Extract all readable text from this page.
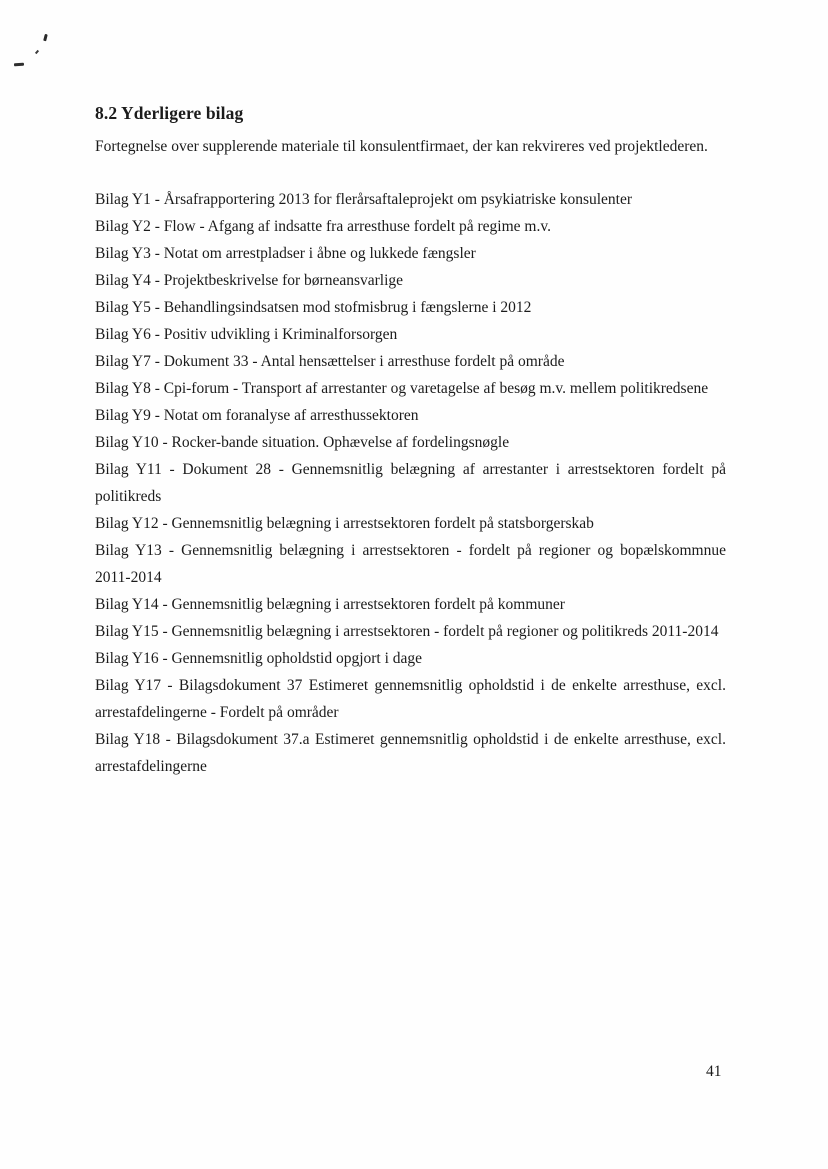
8.2 Yderligere bilag

Fortegnelse over supplerende materiale til konsulentfirmaet, der kan rekvireres ved projektlederen.

Bilag Y1 - Årsafrapportering 2013 for flerårsaftaleprojekt om psykiatriske konsulenter

Bilag Y2 - Flow - Afgang af indsatte fra arresthuse fordelt på regime m.v.

Bilag Y3 - Notat om arrestpladser i åbne og lukkede fængsler

Bilag Y4 - Projektbeskrivelse for børneansvarlige

Bilag Y5 - Behandlingsindsatsen mod stofmisbrug i fængslerne i 2012

Bilag Y6 - Positiv udvikling i Kriminalforsorgen

Bilag Y7 - Dokument 33 - Antal hensættelser i arresthuse fordelt på område

Bilag Y8 - Cpi-forum - Transport af arrestanter og varetagelse af besøg m.v. mellem politikredsene

Bilag Y9 - Notat om foranalyse af arresthussektoren

Bilag Y10 - Rocker-bande situation. Ophævelse af fordelingsnøgle

Bilag Y11 - Dokument 28 - Gennemsnitlig belægning af arrestanter i arrestsektoren fordelt på politikreds

Bilag Y12 - Gennemsnitlig belægning i arrestsektoren fordelt på statsborgerskab

Bilag Y13 - Gennemsnitlig belægning i arrestsektoren - fordelt på regioner og bopælskommnue 2011-2014

Bilag Y14 - Gennemsnitlig belægning i arrestsektoren fordelt på kommuner

Bilag Y15 - Gennemsnitlig belægning i arrestsektoren - fordelt på regioner og politikreds 2011-2014

Bilag Y16 - Gennemsnitlig opholdstid opgjort i dage

Bilag Y17 - Bilagsdokument 37 Estimeret gennemsnitlig opholdstid i de enkelte arresthuse, excl. arrestafdelingerne - Fordelt på områder

Bilag Y18 - Bilagsdokument 37.a Estimeret gennemsnitlig opholdstid i de enkelte arresthuse, excl. arrestafdelingerne

41
